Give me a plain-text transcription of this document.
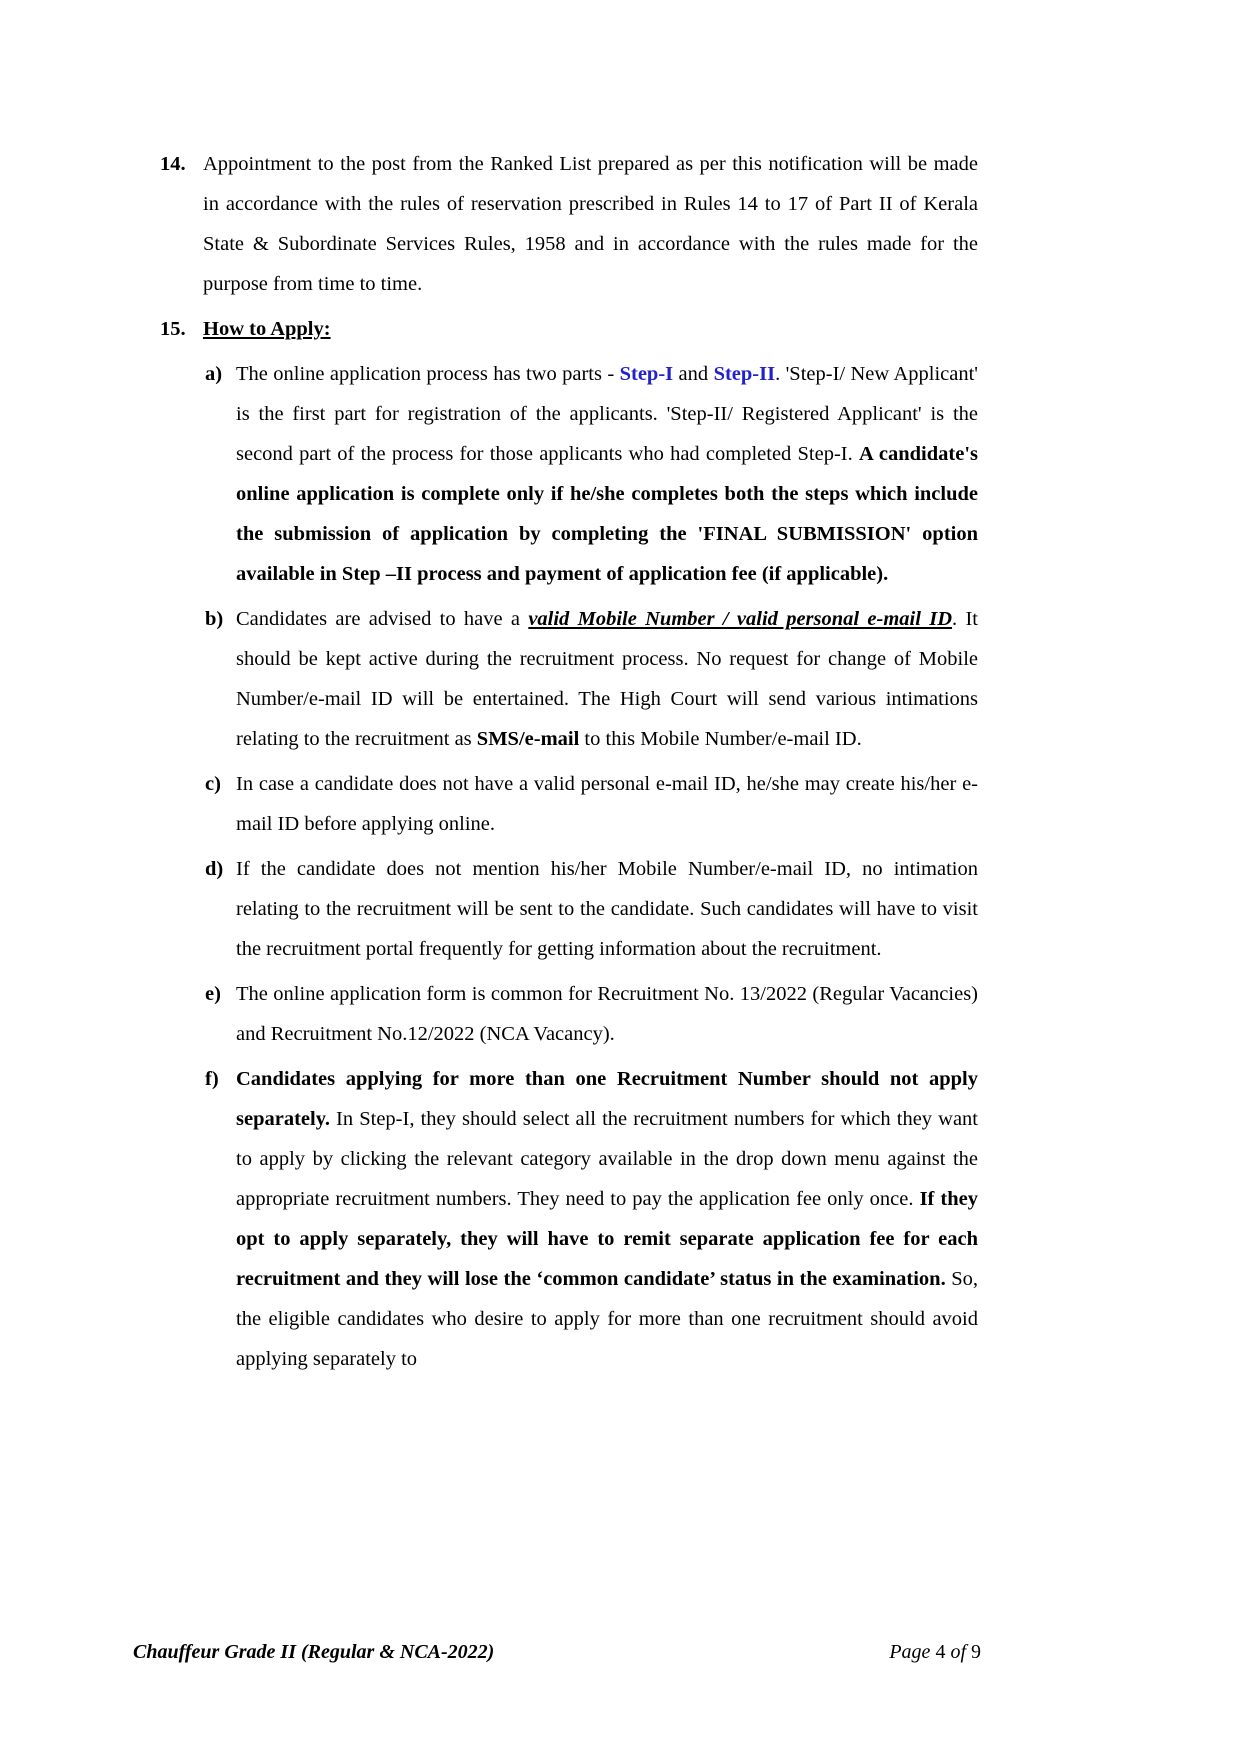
14. Appointment to the post from the Ranked List prepared as per this notification will be made in accordance with the rules of reservation prescribed in Rules 14 to 17 of Part II of Kerala State & Subordinate Services Rules, 1958 and in accordance with the rules made for the purpose from time to time.
15. How to Apply:
a) The online application process has two parts - Step-I and Step-II. 'Step-I/ New Applicant' is the first part for registration of the applicants. 'Step-II/ Registered Applicant' is the second part of the process for those applicants who had completed Step-I. A candidate's online application is complete only if he/she completes both the steps which include the submission of application by completing the 'FINAL SUBMISSION' option available in Step –II process and payment of application fee (if applicable).
b) Candidates are advised to have a valid Mobile Number / valid personal e-mail ID. It should be kept active during the recruitment process. No request for change of Mobile Number/e-mail ID will be entertained. The High Court will send various intimations relating to the recruitment as SMS/e-mail to this Mobile Number/e-mail ID.
c) In case a candidate does not have a valid personal e-mail ID, he/she may create his/her e-mail ID before applying online.
d) If the candidate does not mention his/her Mobile Number/e-mail ID, no intimation relating to the recruitment will be sent to the candidate. Such candidates will have to visit the recruitment portal frequently for getting information about the recruitment.
e) The online application form is common for Recruitment No. 13/2022 (Regular Vacancies) and Recruitment No.12/2022 (NCA Vacancy).
f) Candidates applying for more than one Recruitment Number should not apply separately. In Step-I, they should select all the recruitment numbers for which they want to apply by clicking the relevant category available in the drop down menu against the appropriate recruitment numbers. They need to pay the application fee only once. If they opt to apply separately, they will have to remit separate application fee for each recruitment and they will lose the ‘common candidate’ status in the examination. So, the eligible candidates who desire to apply for more than one recruitment should avoid applying separately to
Chauffeur Grade II (Regular & NCA-2022)	Page 4 of 9
